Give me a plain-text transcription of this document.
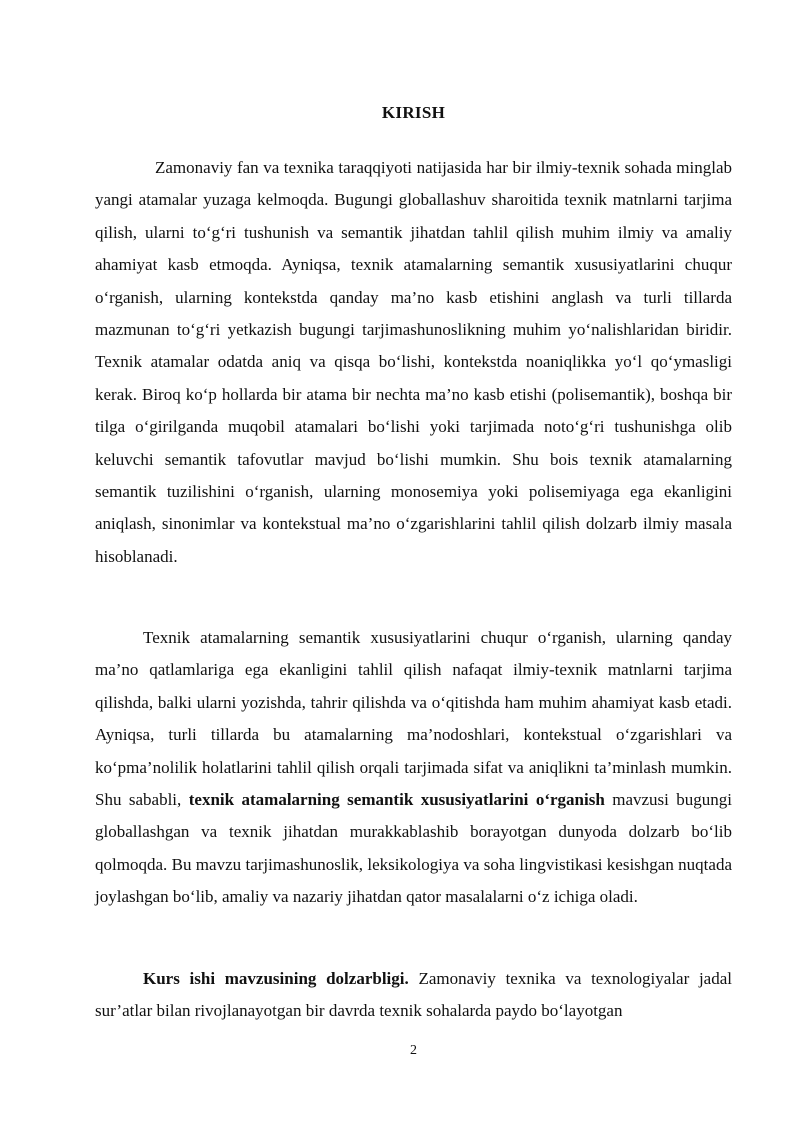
KIRISH

Zamonaviy fan va texnika taraqqiyoti natijasida har bir ilmiy-texnik sohada minglab yangi atamalar yuzaga kelmoqda. Bugungi globallashuv sharoitida texnik matnlarni tarjima qilish, ularni to‘g‘ri tushunish va semantik jihatdan tahlil qilish muhim ilmiy va amaliy ahamiyat kasb etmoqda. Ayniqsa, texnik atamalarning semantik xususiyatlarini chuqur o‘rganish, ularning kontekstda qanday ma’no kasb etishini anglash va turli tillarda mazmunan to‘g‘ri yetkazish bugungi tarjimashunoslikning muhim yo‘nalishlaridan biridir. Texnik atamalar odatda aniq va qisqa bo‘lishi, kontekstda noaniqlikka yo‘l qo‘ymasligi kerak. Biroq ko‘p hollarda bir atama bir nechta ma’no kasb etishi (polisemantik), boshqa bir tilga o‘girilganda muqobil atamalari bo‘lishi yoki tarjimada noto‘g‘ri tushunishga olib keluvchi semantik tafovutlar mavjud bo‘lishi mumkin. Shu bois texnik atamalarning semantik tuzilishini o‘rganish, ularning monosemiya yoki polisemiyaga ega ekanligini aniqlash, sinonimlar va kontekstual ma’no o‘zgarishlarini tahlil qilish dolzarb ilmiy masala hisoblanadi.

Texnik atamalarning semantik xususiyatlarini chuqur o‘rganish, ularning qanday ma’no qatlamlariga ega ekanligini tahlil qilish nafaqat ilmiy-texnik matnlarni tarjima qilishda, balki ularni yozishda, tahrir qilishda va o‘qitishda ham muhim ahamiyat kasb etadi. Ayniqsa, turli tillarda bu atamalarning ma’nodoshlari, kontekstual o‘zgarishlari va ko‘pma’nolilik holatlarini tahlil qilish orqali tarjimada sifat va aniqlikni ta’minlash mumkin. Shu sababli, texnik atamalarning semantik xususiyatlarini o‘rganish mavzusi bugungi globallashgan va texnik jihatdan murakkablashib borayotgan dunyoda dolzarb bo‘lib qolmoqda. Bu mavzu tarjimashunoslik, leksikologiya va soha lingvistikasi kesishgan nuqtada joylashgan bo‘lib, amaliy va nazariy jihatdan qator masalalarni o‘z ichiga oladi.

Kurs ishi mavzusining dolzarbligi. Zamonaviy texnika va texnologiyalar jadal sur’atlar bilan rivojlanayotgan bir davrda texnik sohalarda paydo bo‘layotgan

2
